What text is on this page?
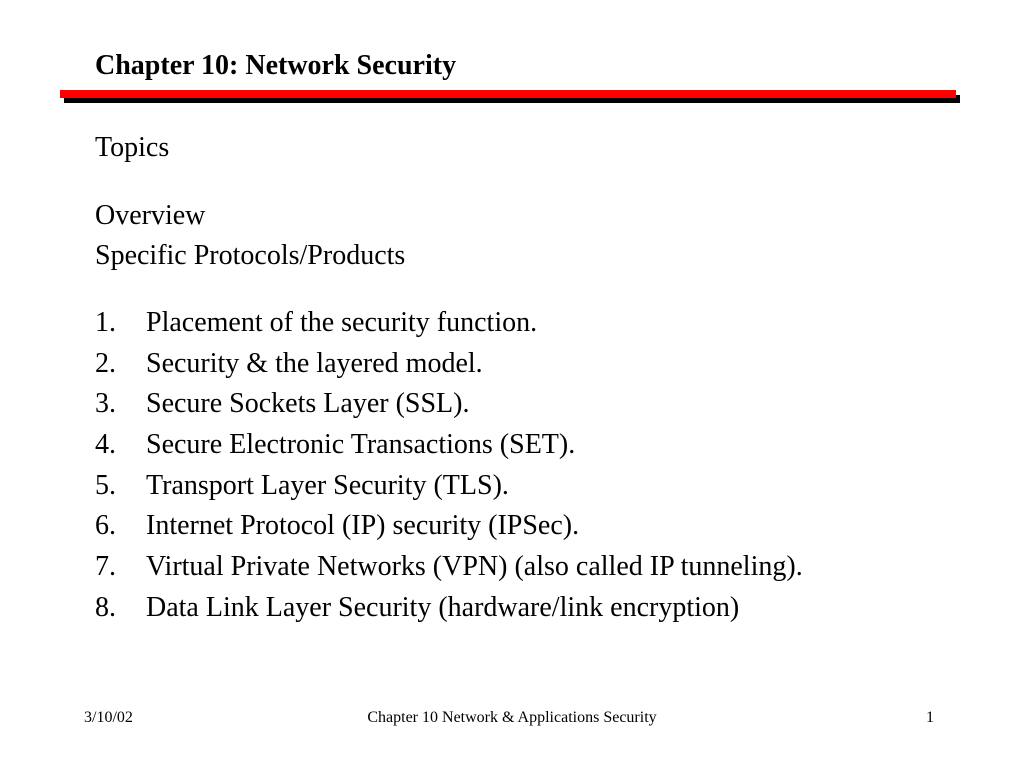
Chapter 10: Network Security
Topics
Overview
Specific Protocols/Products
1.	Placement of the security function.
2.	Security & the layered model.
3.	Secure Sockets Layer (SSL).
4.	Secure Electronic Transactions (SET).
5.	Transport Layer Security (TLS).
6.	Internet Protocol (IP) security (IPSec).
7.	Virtual Private Networks (VPN) (also called IP tunneling).
8.	Data Link Layer Security (hardware/link encryption)
3/10/02	Chapter 10 Network & Applications Security	1
